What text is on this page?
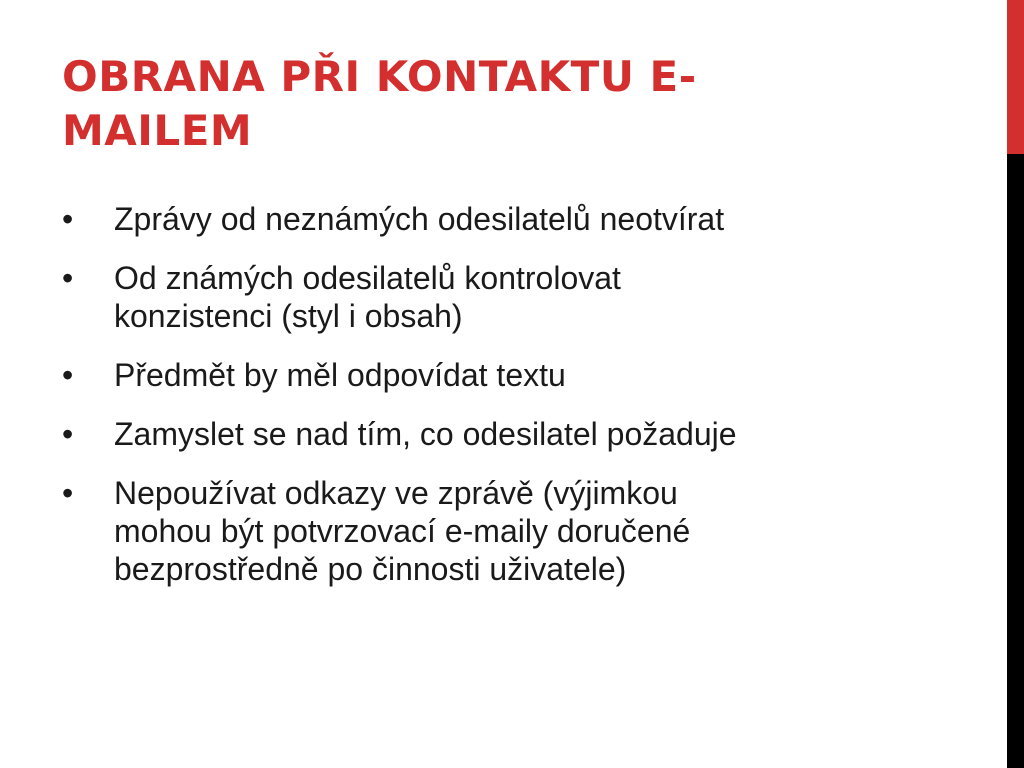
OBRANA PŘI KONTAKTU E-
MAILEM
• Zprávy od neznámých odesilatelů neotvírat
• Od známých odesilatelů kontrolovat
konzistenci (styl i obsah)
• Předmět by měl odpovídat textu
• Zamyslet se nad tím, co odesilatel požaduje
• Nepoužívat odkazy ve zprávě (výjimkou
mohou být potvrzovací e-maily doručené
bezprostředně po činnosti uživatele)
